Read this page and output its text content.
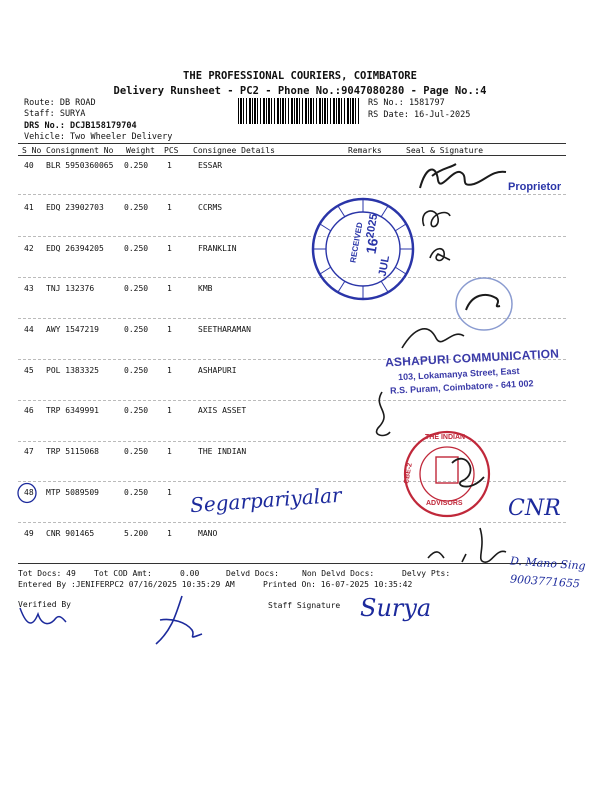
THE PROFESSIONAL COURIERS, COIMBATORE
Delivery Runsheet - PC2 - Phone No.:9047080280 - Page No.:4
Route: DB ROAD
Staff: SURYA
DRS No.: DCJB158179704
Vehicle: Two Wheeler Delivery
RS No.: 1581797
RS Date: 16-Jul-2025
S No Consignment No Weight PCS Consignee Details	Remarks	Seal & Signature
40 BLR 5950360065 0.250 1	ESSAR
41 EDQ 23902703	0.250 1	CCRMS
42 EDQ 26394205	0.250 1	FRANKLIN
43 TNJ 132376	0.250 1	KMB
44 AWY 1547219	0.250 1	SEETHARAMAN
45 POL 1383325	0.250 1	ASHAPURI
46 TRP 6349991	0.250 1	AXIS ASSET
47 TRP 5115068	0.250 1	THE INDIAN
48 MTP 5089509	0.250 1
49 CNR 901465	5.200 1	MANO
Tot Docs: 49 Tot COD Amt:	0.00	Delvd Docs:	Non Delvd Docs:	Delvy Pts:
Entered By :JENIFERPC2 07/16/2025 10:35:29 AM	Printed On: 16-07-2025 10:35:42
Verified By	Staff Signature
Proprietor
RECEIVED
16
JUL
2025
ASHAPURI COMMUNICATION
103, Lokamanya Street, East
R.S. Puram, Coimbatore - 641 002
THE INDIAN
ADVISORS
CBE-2
Segarpariyalar	CNR
D. Mano Sing
9003771655
Surya
